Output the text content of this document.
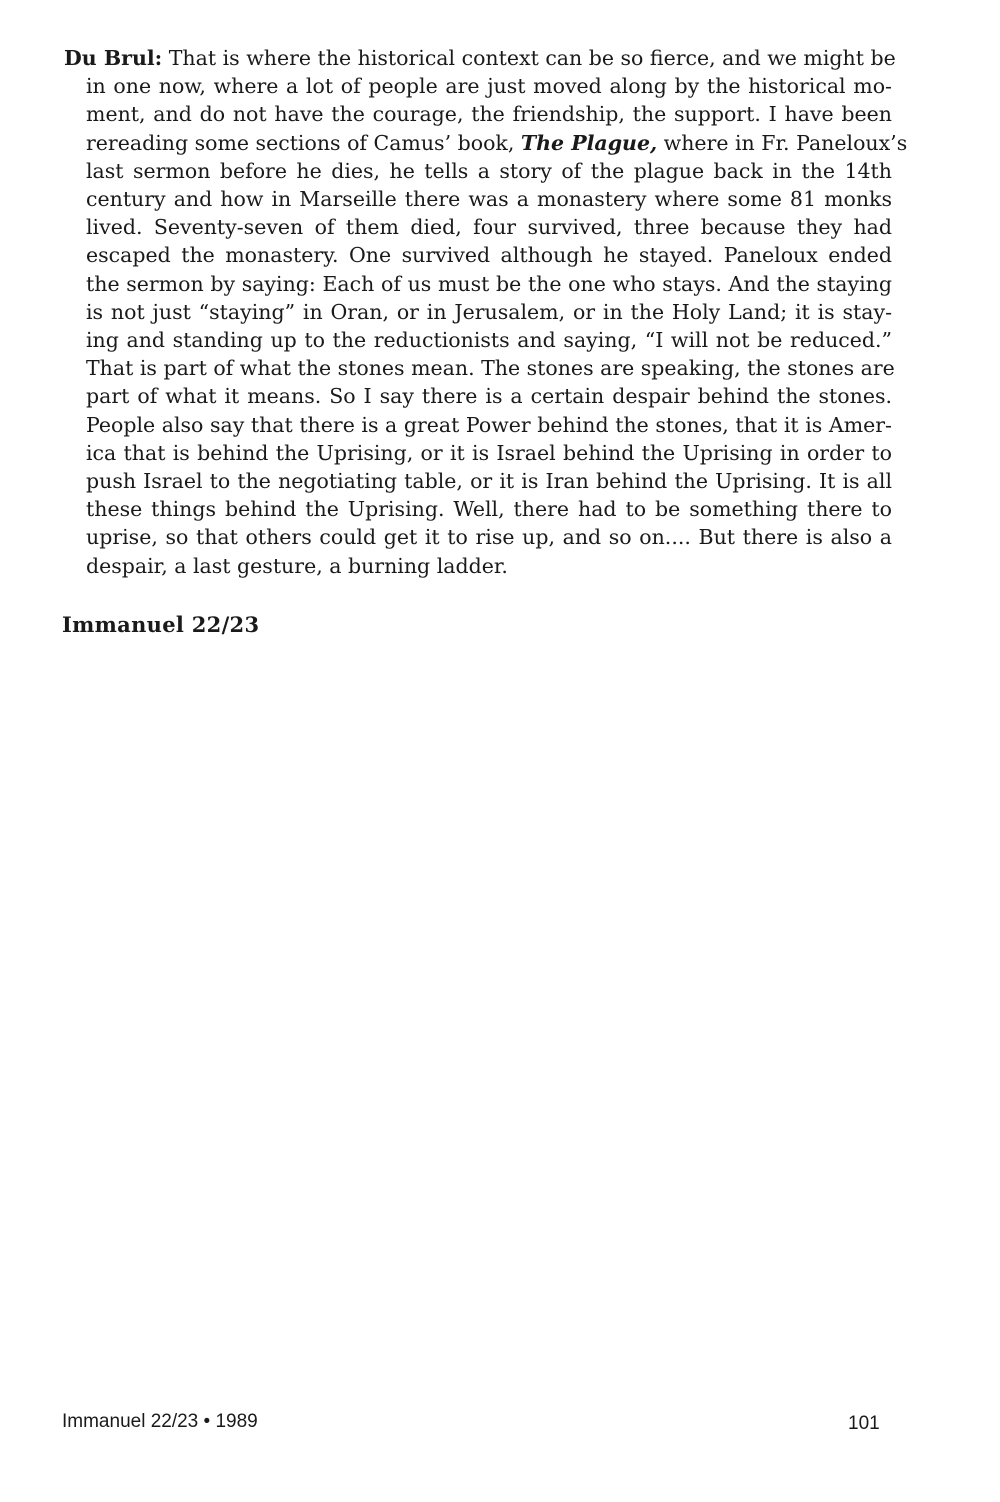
Du Brul: That is where the historical context can be so fierce, and we might be
in one now, where a lot of people are just moved along by the historical mo-
ment, and do not have the courage, the friendship, the support. I have been
rereading some sections of Camus’ book, The Plague, where in Fr. Paneloux’s
last sermon before he dies, he tells a story of the plague back in the 14th
century and how in Marseille there was a monastery where some 81 monks
lived. Seventy-seven of them died, four survived, three because they had
escaped the monastery. One survived although he stayed. Paneloux ended
the sermon by saying: Each of us must be the one who stays. And the staying
is not just “staying” in Oran, or in Jerusalem, or in the Holy Land; it is stay-
ing and standing up to the reductionists and saying, “I will not be reduced.”
That is part of what the stones mean. The stones are speaking, the stones are
part of what it means. So I say there is a certain despair behind the stones.
People also say that there is a great Power behind the stones, that it is Amer-
ica that is behind the Uprising, or it is Israel behind the Uprising in order to
push Israel to the negotiating table, or it is Iran behind the Uprising. It is all
these things behind the Uprising. Well, there had to be something there to
uprise, so that others could get it to rise up, and so on.... But there is also a
despair, a last gesture, a burning ladder.
Immanuel 22/23
Immanuel 22/23 • 1989	101
